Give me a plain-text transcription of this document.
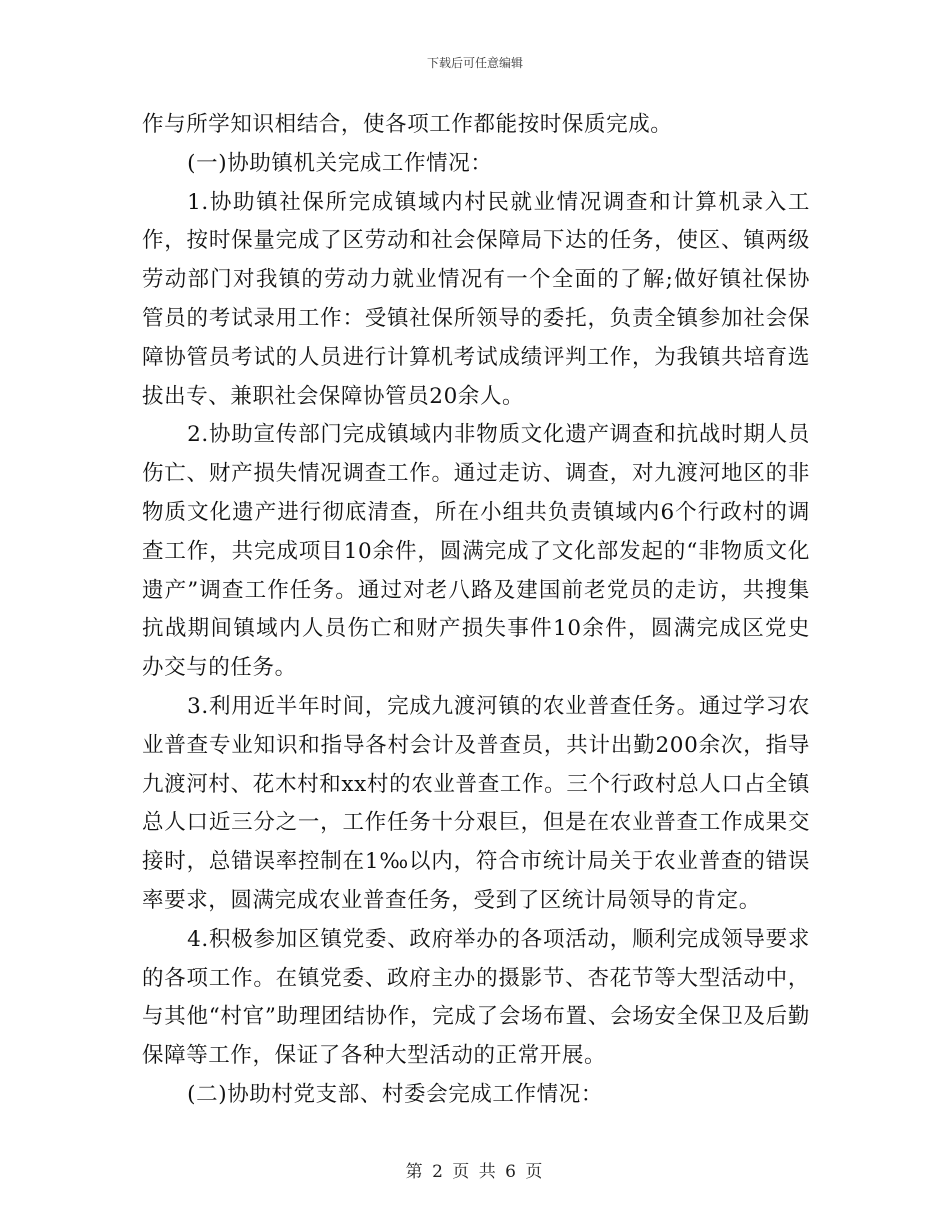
下载后可任意编辑

作与所学知识相结合，使各项工作都能按时保质完成。

(一)协助镇机关完成工作情况：

1.协助镇社保所完成镇域内村民就业情况调查和计算机录入工作，按时保量完成了区劳动和社会保障局下达的任务，使区、镇两级劳动部门对我镇的劳动力就业情况有一个全面的了解;做好镇社保协管员的考试录用工作：受镇社保所领导的委托，负责全镇参加社会保障协管员考试的人员进行计算机考试成绩评判工作，为我镇共培育选拔出专、兼职社会保障协管员20余人。

2.协助宣传部门完成镇域内非物质文化遗产调查和抗战时期人员伤亡、财产损失情况调查工作。通过走访、调查，对九渡河地区的非物质文化遗产进行彻底清查，所在小组共负责镇域内6个行政村的调查工作，共完成项目10余件，圆满完成了文化部发起的“非物质文化遗产”调查工作任务。通过对老八路及建国前老党员的走访，共搜集抗战期间镇域内人员伤亡和财产损失事件10余件，圆满完成区党史办交与的任务。

3.利用近半年时间，完成九渡河镇的农业普查任务。通过学习农业普查专业知识和指导各村会计及普查员，共计出勤200余次，指导九渡河村、花木村和xx村的农业普查工作。三个行政村总人口占全镇总人口近三分之一，工作任务十分艰巨，但是在农业普查工作成果交接时，总错误率控制在1‰以内，符合市统计局关于农业普查的错误率要求，圆满完成农业普查任务，受到了区统计局领导的肯定。

4.积极参加区镇党委、政府举办的各项活动，顺利完成领导要求的各项工作。在镇党委、政府主办的摄影节、杏花节等大型活动中，与其他“村官”助理团结协作，完成了会场布置、会场安全保卫及后勤保障等工作，保证了各种大型活动的正常开展。

(二)协助村党支部、村委会完成工作情况：

第 2 页 共 6 页
